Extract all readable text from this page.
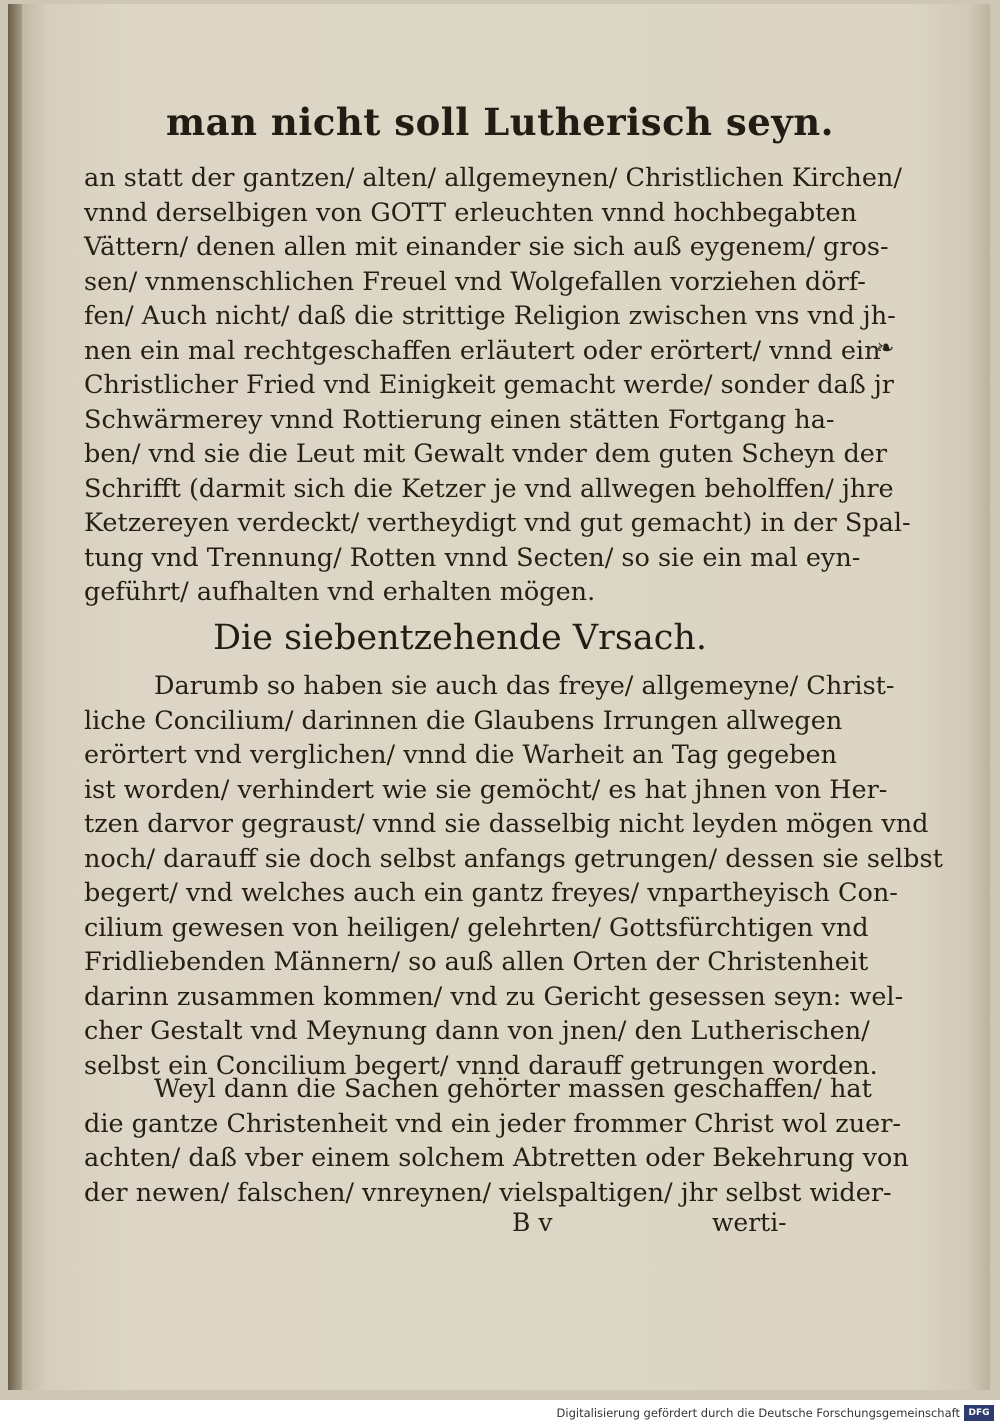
man nicht soll Lutherisch seyn.
an statt der gantzen/ alten/ allgemeynen/ Christlichen Kirchen/
vnnd derselbigen von GOTT erleuchten vnnd hochbegabten
Vättern/ denen allen mit einander sie sich auß eygenem/ gros-
sen/ vnmenschlichen Freuel vnd Wolgefallen vorziehen dörf-
fen/ Auch nicht/ daß die strittige Religion zwischen vns vnd jh-
nen ein mal rechtgeschaffen erläutert oder erörtert/ vnnd ein
Christlicher Fried vnd Einigkeit gemacht werde/ sonder daß jr
Schwärmerey vnnd Rottierung einen stätten Fortgang ha-
ben/ vnd sie die Leut mit Gewalt vnder dem guten Scheyn der
Schrifft (darmit sich die Ketzer je vnd allwegen beholffen/ jhre
Ketzereyen verdeckt/ vertheydigt vnd gut gemacht) in der Spal-
tung vnd Trennung/ Rotten vnnd Secten/ so sie ein mal eyn-
geführt/ aufhalten vnd erhalten mögen.
Die siebentzehende Vrsach.
Darumb so haben sie auch das freye/ allgemeyne/ Christ-
liche Concilium/ darinnen die Glaubens Irrungen allwegen
erörtert vnd verglichen/ vnnd die Warheit an Tag gegeben
ist worden/ verhindert wie sie gemöcht/ es hat jhnen von Her-
tzen darvor gegraust/ vnnd sie dasselbig nicht leyden mögen vnd
noch/ darauff sie doch selbst anfangs getrungen/ dessen sie selbst
begert/ vnd welches auch ein gantz freyes/ vnpartheyisch Con-
cilium gewesen von heiligen/ gelehrten/ Gottsfürchtigen vnd
Fridliebenden Männern/ so auß allen Orten der Christenheit
darinn zusammen kommen/ vnd zu Gericht gesessen seyn: wel-
cher Gestalt vnd Meynung dann von jnen/ den Lutherischen/
selbst ein Concilium begert/ vnnd darauff getrungen worden.
Weyl dann die Sachen gehörter massen geschaffen/ hat
die gantze Christenheit vnd ein jeder frommer Christ wol zuer-
achten/ daß vber einem solchem Abtretten oder Bekehrung von
der newen/ falschen/ vnreynen/ vielspaltigen/ jhr selbst wider-
❧
B v	werti-
Digitalisierung gefördert durch die Deutsche Forschungsgemeinschaft DFG
